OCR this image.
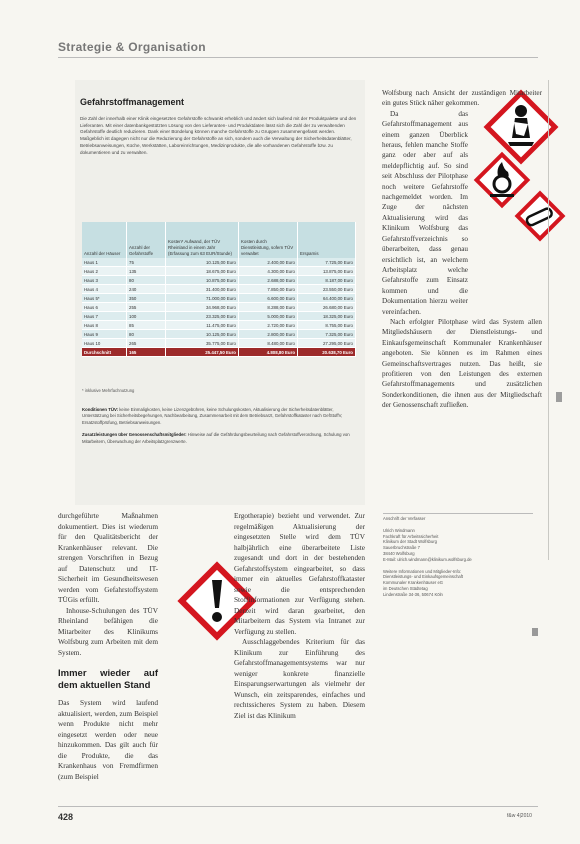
Strategie & Organisation
Gefahrstoffmanagement

Die Zahl der innerhalb einer Klinik eingesetzten Gefahrstoffe schwankt erheblich und ändert sich laufend mit der Produktpalette und den Lieferanten. Mit einer datenbankgestützten Lösung von den Lieferanten- und Produktdaten lässt sich die Zahl der zu verwaltenden Gefahrstoffe deutlich reduzieren. Dank einer Bündelung können manche Gefahrstoffe zu Gruppen zusammengefasst werden. Maßgeblich ist dagegen nicht nur die Reduzierung der Gefahrstoffe an sich, sondern auch die Verwaltung der Sicherheitsdatenblätter, Betriebsanweisungen, Küche, Werkstätten, Laboreinrichtungen, Medizinprodukte, die alle vorhandenen Gefahrstoffe bzw. zu dokumentieren und zu verwalten.

Anzahl der Häuser	Anzahl der Gefahrstoffe	Kosten* Aufwand, der TÜV Rheinland in einem Jahr (Erfassung zum 63 EUR/Stunde)	Kosten durch Dienstleistung, sofern TÜV verwaltet	Ersparnis
Haus 1	75	10.125,00 Euro	2.400,00 Euro	7.725,00 Euro
Haus 2	135	18.675,00 Euro	4.300,00 Euro	13.875,00 Euro
Haus 3	80	10.875,00 Euro	2.688,00 Euro	8.187,00 Euro
Haus 4	240	31.400,00 Euro	7.850,00 Euro	23.550,00 Euro
Haus 5*	350	71.000,00 Euro	6.600,00 Euro	64.400,00 Euro
Haus 6	255	34.968,00 Euro	8.288,00 Euro	26.680,00 Euro
Haus 7	100	23.325,00 Euro	5.000,00 Euro	18.325,00 Euro
Haus 8	85	11.475,00 Euro	2.720,00 Euro	8.755,00 Euro
Haus 9	80	10.125,00 Euro	2.800,00 Euro	7.325,00 Euro
Haus 10	265	35.775,00 Euro	8.480,00 Euro	27.295,00 Euro
Durchschnitt	165	25.447,50 Euro	4.808,80 Euro	20.638,70 Euro
* inklusive Mehrfachnutzung

Konditionen TÜV: keine Einmaligkosten, keine Lizenzgebühren, keine Schulungskosten, Aktualisierung der Sicherheitsdatenblätter, Unterstützung bei Sicherheitsbegehungen, Nachbearbeitung, Zusammenarbeit mit dem Betriebsarzt, Gefahrstoffkataster nach GefStoffV, Ersatzstoffprüfung, Betriebsanweisungen.

Zusatzleistungen über Genossenschaftsmitglieder: Hinweise auf die Gefährdungsbeurteilung nach Gefahrstoffverordnung, Schulung von Mitarbeitern, Überwachung der Arbeitsplatzgrenzwerte.

Wolfsburg nach Ansicht der zuständigen Mitarbeiter ein gutes Stück näher gekommen.

Da das Gefahrstoffmanagement aus einem ganzen Überblick heraus, fehlen manche Stoffe ganz oder aber auf als meldepflichtig auf. So sind seit Abschluss der Pilotphase noch weitere Gefahrstoffe nachgemeldet worden. Im Zuge der nächsten Aktualisierung wird das Klinikum Wolfsburg das Gefahrstoffverzeichnis so überarbeiten, dass genau ersichtlich ist, an welchem Arbeitsplatz welche Gefahrstoffe zum Einsatz kommen und die Dokumentation hierzu weiter vereinfachen.

Nach erfolgter Pilotphase wird das System allen Mitgliedshäusern der Dienstleistungs- und Einkaufsgemeinschaft Kommunaler Krankenhäuser angeboten. Sie können es im Rahmen eines Gemeinschaftsvertrages nutzen. Das heißt, sie profitieren von den Leistungen des externen Gefahrstoffmanagements und zusätzlichen Sonderkonditionen, die ihnen aus der Mitgliedschaft der Genossenschaft zufließen.

durchgeführte Maßnahmen dokumentiert. Dies ist wiederum für den Qualitätsbericht der Krankenhäuser relevant. Die strengen Vorschriften in Bezug auf Datenschutz und IT-Sicherheit im Gesundheitswesen werden vom Gefahrstoffsystem TÜGis erfüllt.

Inhouse-Schulungen des TÜV Rheinland befähigen die Mitarbeiter des Klinikums Wolfsburg zum Arbeiten mit dem System.

Immer wieder auf dem aktuellen Stand

Das System wird laufend aktualisiert, werden, zum Beispiel wenn Produkte nicht mehr eingesetzt werden oder neue hinzukommen. Das gilt auch für die Produkte, die das Krankenhaus von Fremdfirmen (zum Beispiel

Ergotherapie) bezieht und verwendet. Zur regelmäßigen Aktualisierung der eingesetzten Stelle wird dem TÜV halbjährlich eine überarbeitete Liste zugesandt und dort in der bestehenden Gefahrstoffsystem eingearbeitet, so dass immer ein aktuelles Gefahrstoffkataster sowie die entsprechenden Stoffinformationen zur Verfügung stehen. Derzeit wird daran gearbeitet, den Mitarbeitern das System via Intranet zur Verfügung zu stellen.

Ausschlaggebendes Kriterium für das Klinikum zur Einführung des Gefahrstoffmanagementsystems war nur weniger konkrete finanzielle Einsparungserwartungen als vielmehr der Wunsch, ein zeitsparendes, einfaches und rechtssicheres System zu haben. Diesem Ziel ist das Klinikum

Anschrift der Verfasser

Ulrich Windmann
Fachkraft für Arbeitssicherheit
Klinikum der Stadt Wolfsburg
Sauerbruchstraße 7
38440 Wolfsburg
E-Mail: ulrich.windmann@klinikum.wolfsburg.de

Weitere Informationen und Mitglieder-Info:
Dienstleistungs- und Einkaufsgemeinschaft
Kommunaler Krankenhäuser eG
im Deutschen Städtetag
Lindenstraße 34-36, 50674 Köln

428	f&w 4|2010
